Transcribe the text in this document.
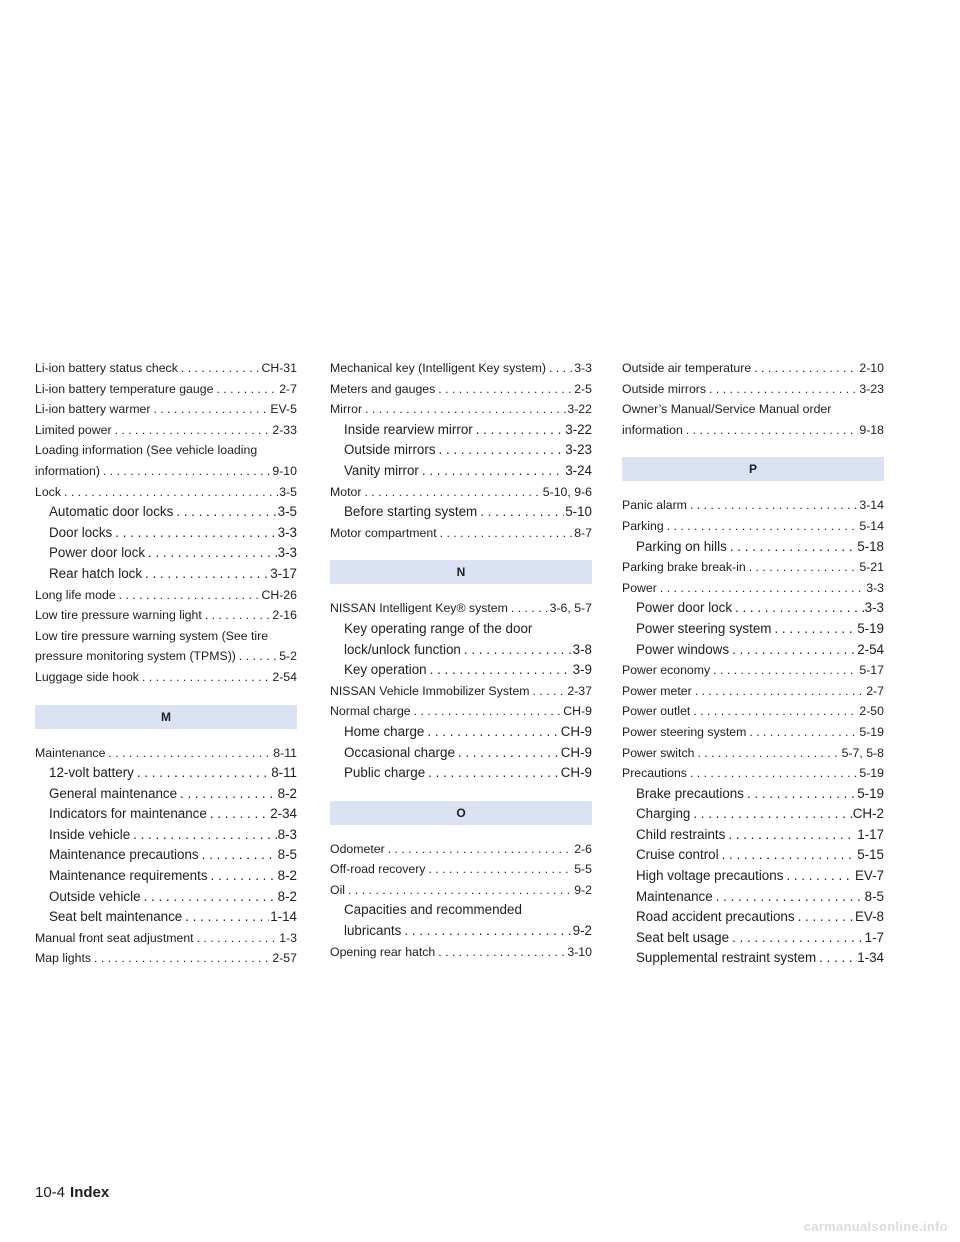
Li-ion battery status check . . .	CH-31
Li-ion battery temperature gauge . . .	2-7
Li-ion battery warmer . . .	EV-5
Limited power . . .	2-33
Loading information (See vehicle loading
information) . . .	9-10
Lock . . .	3-5
Automatic door locks . . .	3-5
Door locks . . .	3-3
Power door lock . . .	3-3
Rear hatch lock . . .	3-17
Long life mode . . .	CH-26
Low tire pressure warning light . . .	2-16
Low tire pressure warning system (See tire
pressure monitoring system (TPMS)) . . .	5-2
Luggage side hook . . .	2-54
M
Maintenance . . .	8-11
12-volt battery . . .	8-11
General maintenance . . .	8-2
Indicators for maintenance . . .	2-34
Inside vehicle . . .	8-3
Maintenance precautions . . .	8-5
Maintenance requirements . . .	8-2
Outside vehicle . . .	8-2
Seat belt maintenance . . .	1-14
Manual front seat adjustment . . .	1-3
Map lights . . .	2-57
Mechanical key (Intelligent Key system) . . . 3-3
Meters and gauges . . .	2-5
Mirror . . .	3-22
Inside rearview mirror . . .	3-22
Outside mirrors . . .	3-23
Vanity mirror . . .	3-24
Motor . . .	5-10, 9-6
Before starting system . . .	5-10
Motor compartment . . .	8-7
N
NISSAN Intelligent Key® system . . .	3-6, 5-7
Key operating range of the door
lock/unlock function . . .	3-8
Key operation . . .	3-9
NISSAN Vehicle Immobilizer System . . .	2-37
Normal charge . . .	CH-9
Home charge . . .	CH-9
Occasional charge . . .	CH-9
Public charge . . .	CH-9
O
Odometer . . .	2-6
Off-road recovery . . .	5-5
Oil . . .	9-2
Capacities and recommended
lubricants . . .	9-2
Opening rear hatch . . .	3-10
Outside air temperature . . .	2-10
Outside mirrors . . .	3-23
Owner’s Manual/Service Manual order
information . . .	9-18
P
Panic alarm . . .	3-14
Parking . . .	5-14
Parking on hills . . .	5-18
Parking brake break-in . . .	5-21
Power . . .	3-3
Power door lock . . .	3-3
Power steering system . . .	5-19
Power windows . . .	2-54
Power economy . . .	5-17
Power meter . . .	2-7
Power outlet . . .	2-50
Power steering system . . .	5-19
Power switch . . .	5-7, 5-8
Precautions . . .	5-19
Brake precautions . . .	5-19
Charging . . .	CH-2
Child restraints . . .	1-17
Cruise control . . .	5-15
High voltage precautions . . .	EV-7
Maintenance . . .	8-5
Road accident precautions . . .	EV-8
Seat belt usage . . .	1-7
Supplemental restraint system . . .	1-34
10-4 Index
carmanualsonline.info
